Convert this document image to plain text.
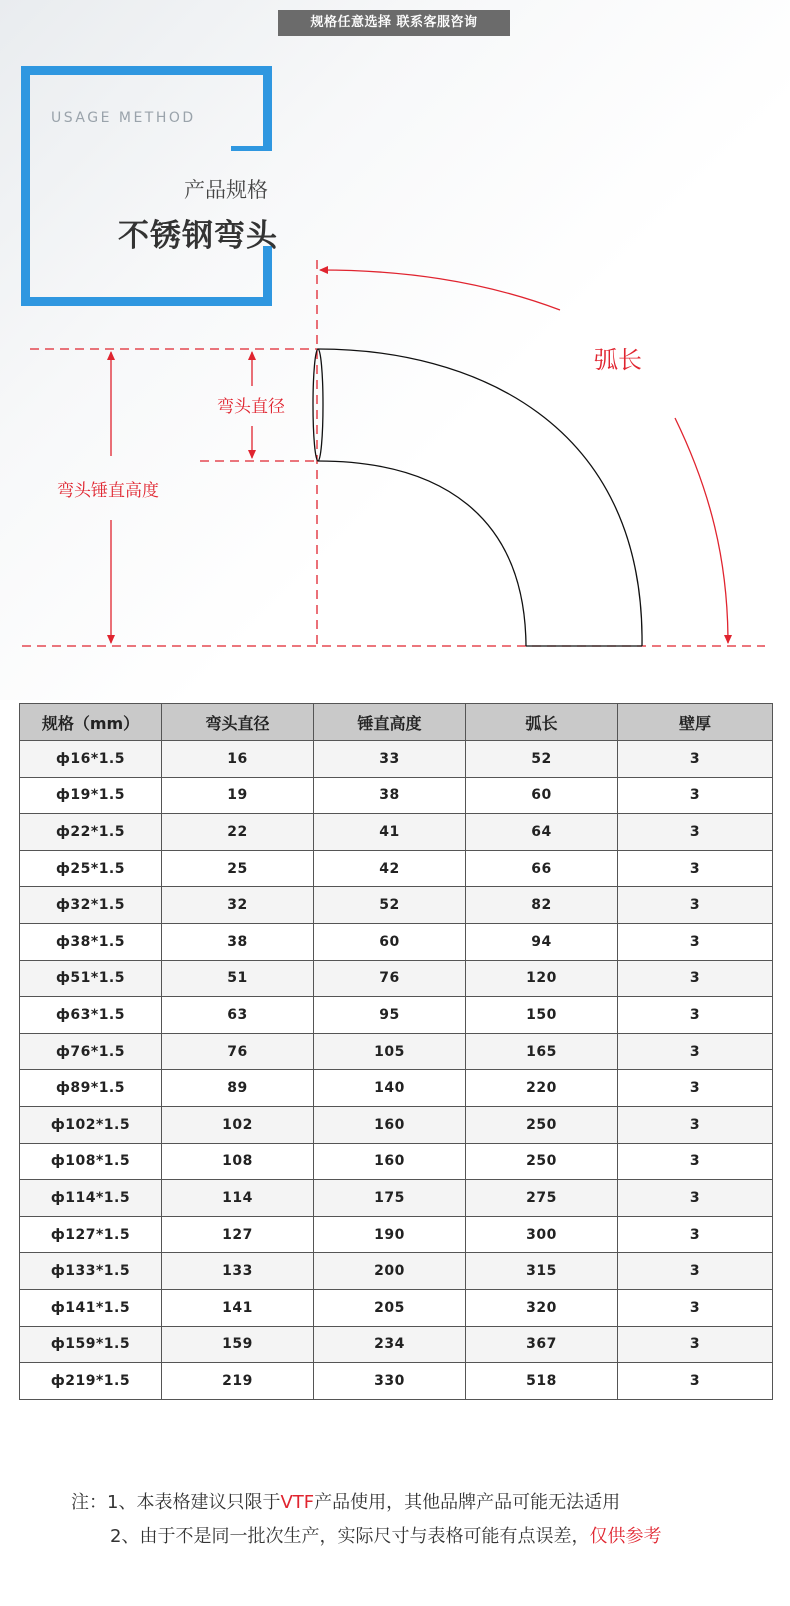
规格任意选择 联系客服咨询
USAGE METHOD
产品规格
不锈钢弯头
弧长
弯头直径
弯头锤直高度
规格（mm）	弯头直径	锤直高度	弧长	壁厚
ф16*1.5	16	33	52	3
ф19*1.5	19	38	60	3
ф22*1.5	22	41	64	3
ф25*1.5	25	42	66	3
ф32*1.5	32	52	82	3
ф38*1.5	38	60	94	3
ф51*1.5	51	76	120	3
ф63*1.5	63	95	150	3
ф76*1.5	76	105	165	3
ф89*1.5	89	140	220	3
ф102*1.5	102	160	250	3
ф108*1.5	108	160	250	3
ф114*1.5	114	175	275	3
ф127*1.5	127	190	300	3
ф133*1.5	133	200	315	3
ф141*1.5	141	205	320	3
ф159*1.5	159	234	367	3
ф219*1.5	219	330	518	3
注：1、本表格建议只限于VTF产品使用，其他品牌产品可能无法适用
2、由于不是同一批次生产，实际尺寸与表格可能有点误差，仅供参考
